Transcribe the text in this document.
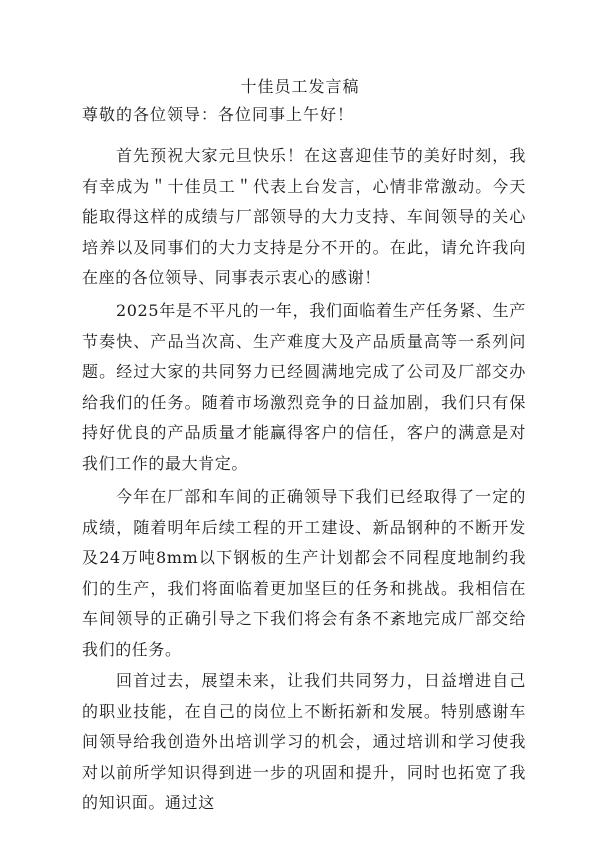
十佳员工发言稿
尊敬的各位领导：各位同事上午好！

首先预祝大家元旦快乐！在这喜迎佳节的美好时刻，我有幸成为＂十佳员工＂代表上台发言，心情非常激动。今天能取得这样的成绩与厂部领导的大力支持、车间领导的关心培养以及同事们的大力支持是分不开的。在此，请允许我向在座的各位领导、同事表示衷心的感谢！

2025年是不平凡的一年，我们面临着生产任务紧、生产节奏快、产品当次高、生产难度大及产品质量高等一系列问题。经过大家的共同努力已经圆满地完成了公司及厂部交办给我们的任务。随着市场激烈竞争的日益加剧，我们只有保持好优良的产品质量才能赢得客户的信任，客户的满意是对我们工作的最大肯定。

今年在厂部和车间的正确领导下我们已经取得了一定的成绩，随着明年后续工程的开工建设、新品钢种的不断开发及24万吨8mm以下钢板的生产计划都会不同程度地制约我们的生产，我们将面临着更加坚巨的任务和挑战。我相信在车间领导的正确引导之下我们将会有条不紊地完成厂部交给我们的任务。

回首过去，展望未来，让我们共同努力，日益增进自己的职业技能，在自己的岗位上不断拓新和发展。特别感谢车间领导给我创造外出培训学习的机会，通过培训和学习使我对以前所学知识得到进一步的巩固和提升，同时也拓宽了我的知识面。通过这
